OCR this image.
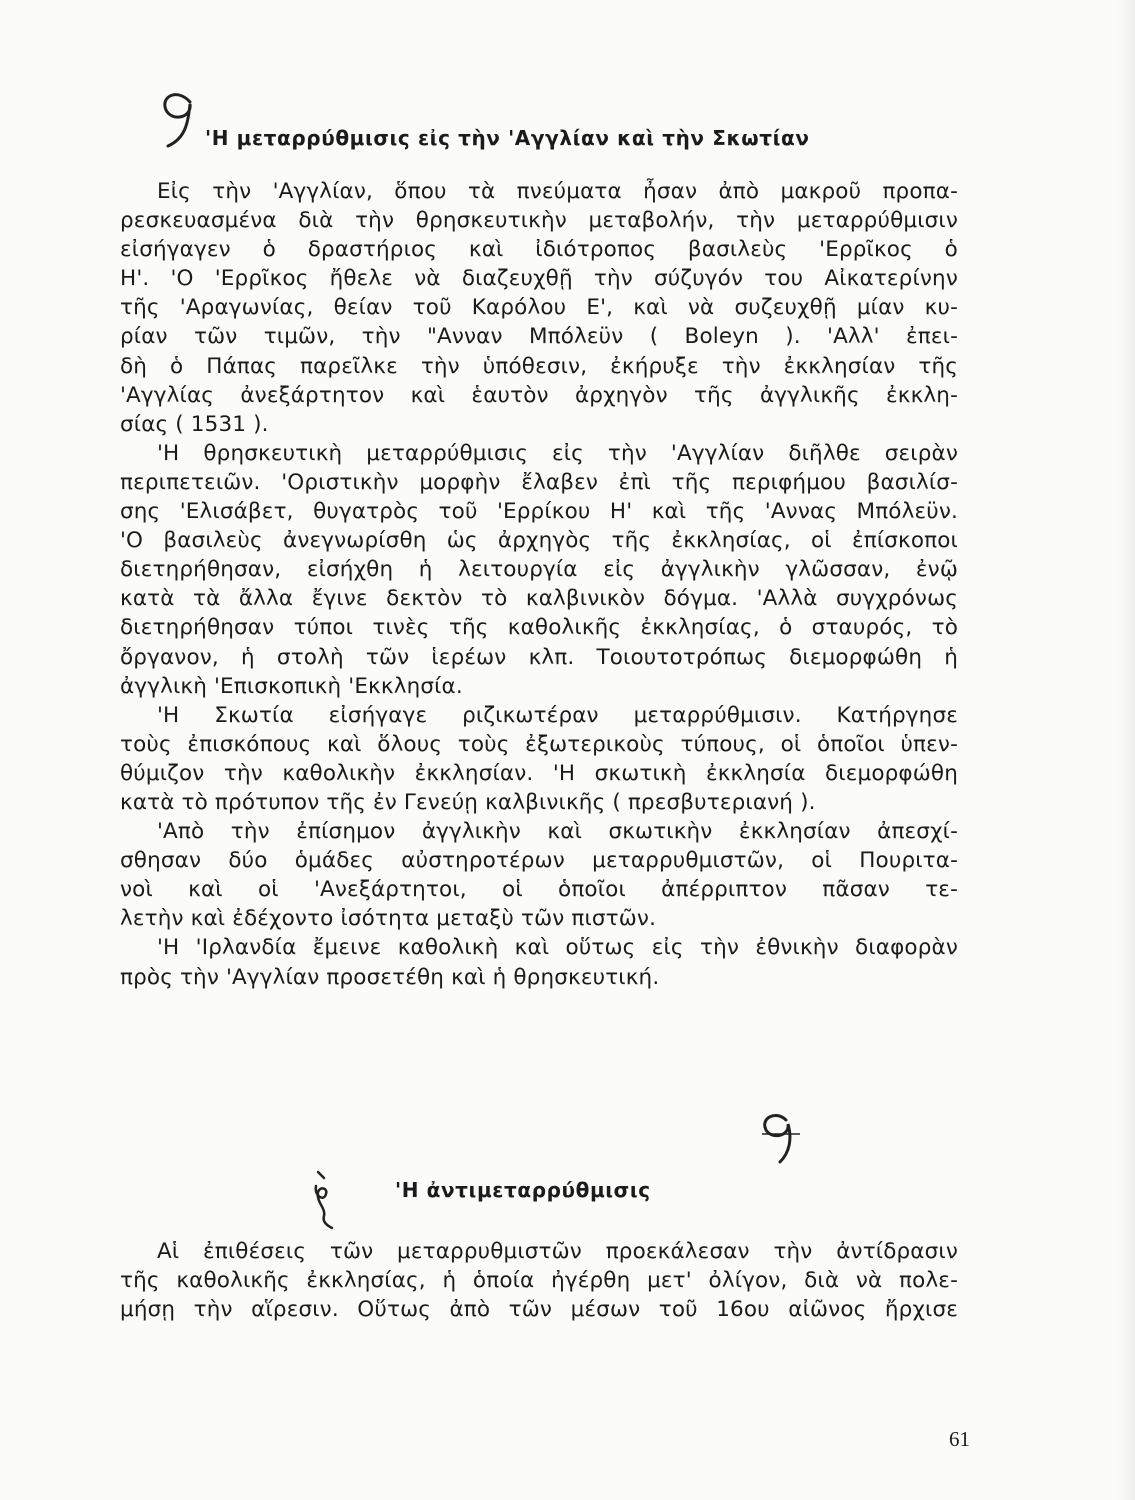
'Η μεταρρύθμισις εἰς τὴν 'Αγγλίαν καὶ τὴν Σκωτίαν
Εἰς τὴν 'Αγγλίαν, ὅπου τὰ πνεύματα ἦσαν ἀπὸ μακροῦ προπα-
ρεσκευασμένα διὰ τὴν θρησκευτικὴν μεταβολήν, τὴν μεταρρύθμισιν
εἰσήγαγεν ὁ δραστήριος καὶ ἰδιότροπος βασιλεὺς 'Ερρῖκος ὁ
Η'. 'Ο 'Ερρῖκος ἤθελε νὰ διαζευχθῇ τὴν σύζυγόν του Αἰκατερίνην
τῆς 'Αραγωνίας, θείαν τοῦ Καρόλου Ε', καὶ νὰ συζευχθῇ μίαν κυ-
ρίαν τῶν τιμῶν, τὴν "Ανναν Μπόλεϋν ( Boleyn ). 'Αλλ' ἐπει-
δὴ ὁ Πάπας παρεῖλκε τὴν ὑπόθεσιν, ἐκήρυξε τὴν ἐκκλησίαν τῆς
'Αγγλίας ἀνεξάρτητον καὶ ἑαυτὸν ἀρχηγὸν τῆς ἀγγλικῆς ἐκκλη-
σίας ( 1531 ).
'Η θρησκευτικὴ μεταρρύθμισις εἰς τὴν 'Αγγλίαν διῆλθε σειρὰν
περιπετειῶν. 'Οριστικὴν μορφὴν ἔλαβεν ἐπὶ τῆς περιφήμου βασιλίσ-
σης 'Ελισάβετ, θυγατρὸς τοῦ 'Ερρίκου Η' καὶ τῆς 'Αννας Μπόλεϋν.
'Ο βασιλεὺς ἀνεγνωρίσθη ὡς ἀρχηγὸς τῆς ἐκκλησίας, οἱ ἐπίσκοποι
διετηρήθησαν, εἰσήχθη ἡ λειτουργία εἰς ἀγγλικὴν γλῶσσαν, ἐνῷ
κατὰ τὰ ἄλλα ἔγινε δεκτὸν τὸ καλβινικὸν δόγμα. 'Αλλὰ συγχρόνως
διετηρήθησαν τύποι τινὲς τῆς καθολικῆς ἐκκλησίας, ὁ σταυρός, τὸ
ὄργανον, ἡ στολὴ τῶν ἱερέων κλπ. Τοιουτοτρόπως διεμορφώθη ἡ
ἀγγλικὴ 'Επισκοπικὴ 'Εκκλησία.
'Η Σκωτία εἰσήγαγε ριζικωτέραν μεταρρύθμισιν. Κατήργησε
τοὺς ἐπισκόπους καὶ ὅλους τοὺς ἐξωτερικοὺς τύπους, οἱ ὁποῖοι ὑπεν-
θύμιζον τὴν καθολικὴν ἐκκλησίαν. 'Η σκωτικὴ ἐκκλησία διεμορφώθη
κατὰ τὸ πρότυπον τῆς ἐν Γενεύῃ καλβινικῆς ( πρεσβυτεριανή ).
'Απὸ τὴν ἐπίσημον ἀγγλικὴν καὶ σκωτικὴν ἐκκλησίαν ἀπεσχί-
σθησαν δύο ὁμάδες αὐστηροτέρων μεταρρυθμιστῶν, οἱ Πουριτα-
νοὶ καὶ οἱ 'Ανεξάρτητοι, οἱ ὁποῖοι ἀπέρριπτον πᾶσαν τε-
λετὴν καὶ ἐδέχοντο ἰσότητα μεταξὺ τῶν πιστῶν.
'Η 'Ιρλανδία ἔμεινε καθολικὴ καὶ οὕτως εἰς τὴν ἐθνικὴν διαφορὰν
πρὸς τὴν 'Αγγλίαν προσετέθη καὶ ἡ θρησκευτική.
'Η ἀντιμεταρρύθμισις
Αἱ ἐπιθέσεις τῶν μεταρρυθμιστῶν προεκάλεσαν τὴν ἀντίδρασιν
τῆς καθολικῆς ἐκκλησίας, ἡ ὁποία ἠγέρθη μετ' ὀλίγον, διὰ νὰ πολε-
μήσῃ τὴν αἵρεσιν. Οὕτως ἀπὸ τῶν μέσων τοῦ 16ου αἰῶνος ἤρχισε
61
